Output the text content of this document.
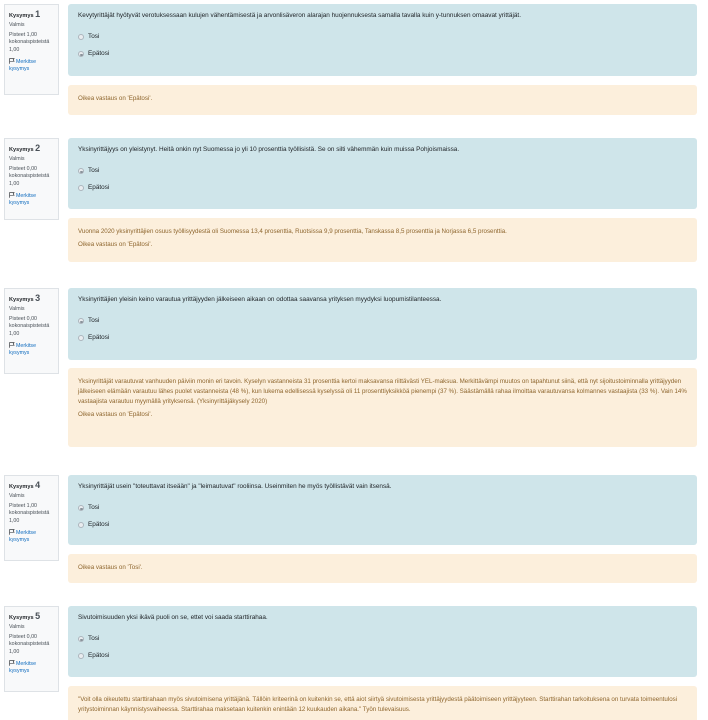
Kysymys 1
Valmis
Pisteet 1,00 kokonaispisteistä 1,00
Merkitse kysymys
Kevytyrittäjät hyötyvät verotuksessaan kulujen vähentämisestä ja arvonlisäveron alarajan huojennuksesta samalla tavalla kuin y-tunnuksen omaavat yrittäjät.
Tosi
Epätosi

Oikea vastaus on 'Epätosi'.

Kysymys 2
Valmis
Pisteet 0,00 kokonaispisteistä 1,00
Merkitse kysymys
Yksinyrittäjyys on yleistynyt. Heitä onkin nyt Suomessa jo yli 10 prosenttia työllisistä. Se on silti vähemmän kuin muissa Pohjoismaissa.
Tosi
Epätosi

Vuonna 2020 yksinyrittäjien osuus työllisyydestä oli Suomessa 13,4 prosenttia, Ruotsissa 9,9 prosenttia, Tanskassa 8,5 prosenttia ja Norjassa 6,5 prosenttia.

Oikea vastaus on 'Epätosi'.

Kysymys 3
Valmis
Pisteet 0,00 kokonaispisteistä 1,00
Merkitse kysymys
Yksinyrittäjien yleisin keino varautua yrittäjyyden jälkeiseen aikaan on odottaa saavansa yrityksen myydyksi luopumistilanteessa.
Tosi
Epätosi

Yksinyrittäjät varautuvat vanhuuden päiviin monin eri tavoin. Kyselyn vastanneista 31 prosenttia kertoi maksavansa riittävästi YEL-maksua. Merkittävämpi muutos on tapahtunut siinä, että nyt sijoitustoiminnalla yrittäjyyden jälkeiseen elämään varautuu lähes puolet vastanneista (48 %), kun lukema edellisessä kyselyssä oli 11 prosenttiyksikköä pienempi (37 %). Säästämällä rahaa ilmoittaa varautuvansa kolmannes vastaajista (33 %). Vain 14% vastaajista varautuu myymällä yrityksensä. (Yksinyrittäjäkysely 2020)

Oikea vastaus on 'Epätosi'.

Kysymys 4
Valmis
Pisteet 1,00 kokonaispisteistä 1,00
Merkitse kysymys
Yksinyrittäjät usein "toteuttavat itseään" ja "leimautuvat" rooliinsa. Useinmiten he myös työllistävät vain itsensä.
Tosi
Epätosi

Oikea vastaus on 'Tosi'.

Kysymys 5
Valmis
Pisteet 0,00 kokonaispisteistä 1,00
Merkitse kysymys
Sivutoimisuuden yksi ikävä puoli on se, ettet voi saada starttirahaa.
Tosi
Epätosi

"Voit olla oikeutettu starttirahaan myös sivutoimisena yrittäjänä. Tällöin kriteerinä on kuitenkin se, että aiot siirtyä sivutoimisesta yrittäjyydestä päätoimiseen yrittäjyyteen. Starttirahan tarkoituksena on turvata toimeentulosi yritystoiminnan käynnistysvaiheessa. Starttirahaa maksetaan kuitenkin enintään 12 kuukauden aikana." Työn tulevaisuus.
